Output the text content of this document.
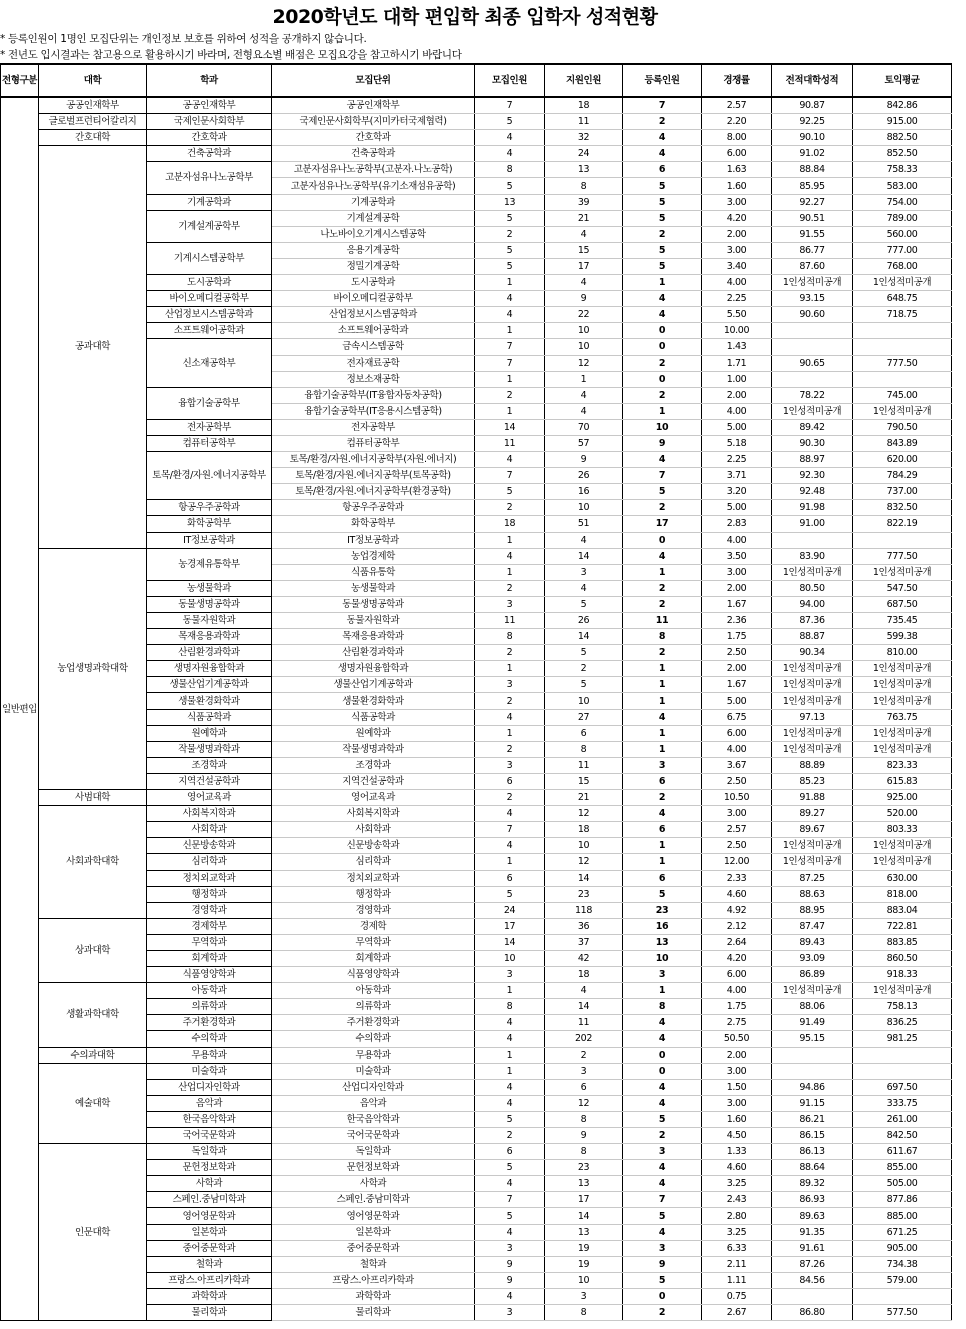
2020학년도 대학 편입학 최종 입학자 성적현황
* 등록인원이 1명인 모집단위는 개인정보 보호를 위하여 성적을 공개하지 않습니다.
* 전년도 입시결과는 참고용으로 활용하시기 바라며, 전형요소별 배점은 모집요강을 참고하시기 바랍니다
전형구분	대학	학과	모집단위	모집인원	지원인원	등록인원	경쟁률	전적대학성적	토익평균
일반편입	공공인재학부	공공인재학부	공공인재학부	7	18	7	2.57	90.87	842.86
	글로벌프런티어칼리지	국제인문사회학부	국제인문사회학부(지미카터국제협력)	5	11	2	2.20	92.25	915.00
	간호대학	간호학과	간호학과	4	32	4	8.00	90.10	882.50
	공과대학	건축공학과	건축공학과	4	24	4	6.00	91.02	852.50
		고분자섬유나노공학부	고분자섬유나노공학부(고분자.나노공학)	8	13	6	1.63	88.84	758.33
			고분자섬유나노공학부(유기소재섬유공학)	5	8	5	1.60	85.95	583.00
		기계공학과	기계공학과	13	39	5	3.00	92.27	754.00
		기계설계공학부	기계설계공학	5	21	5	4.20	90.51	789.00
			나노바이오기계시스템공학	2	4	2	2.00	91.55	560.00
		기계시스템공학부	응용기계공학	5	15	5	3.00	86.77	777.00
			정밀기계공학	5	17	5	3.40	87.60	768.00
		도시공학과	도시공학과	1	4	1	4.00	1인성적미공개	1인성적미공개
		바이오메디컬공학부	바이오메디컬공학부	4	9	4	2.25	93.15	648.75
		산업정보시스템공학과	산업정보시스템공학과	4	22	4	5.50	90.60	718.75
		소프트웨어공학과	소프트웨어공학과	1	10	0	10.00		
		신소재공학부	금속시스템공학	7	10	0	1.43		
			전자재료공학	7	12	2	1.71	90.65	777.50
			정보소재공학	1	1	0	1.00		
		융합기술공학부	융합기술공학부(IT융합자동차공학)	2	4	2	2.00	78.22	745.00
			융합기술공학부(IT응용시스템공학)	1	4	1	4.00	1인성적미공개	1인성적미공개
		전자공학부	전자공학부	14	70	10	5.00	89.42	790.50
		컴퓨터공학부	컴퓨터공학부	11	57	9	5.18	90.30	843.89
		토목/환경/자원.에너지공학부	토목/환경/자원.에너지공학부(자원.에너지)	4	9	4	2.25	88.97	620.00
			토목/환경/자원.에너지공학부(토목공학)	7	26	7	3.71	92.30	784.29
			토목/환경/자원.에너지공학부(환경공학)	5	16	5	3.20	92.48	737.00
		항공우주공학과	항공우주공학과	2	10	2	5.00	91.98	832.50
		화학공학부	화학공학부	18	51	17	2.83	91.00	822.19
		IT정보공학과	IT정보공학과	1	4	0	4.00		
	농업생명과학대학	농경제유통학부	농업경제학	4	14	4	3.50	83.90	777.50
			식품유통학	1	3	1	3.00	1인성적미공개	1인성적미공개
		농생물학과	농생물학과	2	4	2	2.00	80.50	547.50
		동물생명공학과	동물생명공학과	3	5	2	1.67	94.00	687.50
		동물자원학과	동물자원학과	11	26	11	2.36	87.36	735.45
		목재응용과학과	목재응용과학과	8	14	8	1.75	88.87	599.38
		산림환경과학과	산림환경과학과	2	5	2	2.50	90.34	810.00
		생명자원융합학과	생명자원융합학과	1	2	1	2.00	1인성적미공개	1인성적미공개
		생물산업기계공학과	생물산업기계공학과	3	5	1	1.67	1인성적미공개	1인성적미공개
		생물환경화학과	생물환경화학과	2	10	1	5.00	1인성적미공개	1인성적미공개
		식품공학과	식품공학과	4	27	4	6.75	97.13	763.75
		원예학과	원예학과	1	6	1	6.00	1인성적미공개	1인성적미공개
		작물생명과학과	작물생명과학과	2	8	1	4.00	1인성적미공개	1인성적미공개
		조경학과	조경학과	3	11	3	3.67	88.89	823.33
		지역건설공학과	지역건설공학과	6	15	6	2.50	85.23	615.83
	사범대학	영어교육과	영어교육과	2	21	2	10.50	91.88	925.00
	사회과학대학	사회복지학과	사회복지학과	4	12	4	3.00	89.27	520.00
		사회학과	사회학과	7	18	6	2.57	89.67	803.33
		신문방송학과	신문방송학과	4	10	1	2.50	1인성적미공개	1인성적미공개
		심리학과	심리학과	1	12	1	12.00	1인성적미공개	1인성적미공개
		정치외교학과	정치외교학과	6	14	6	2.33	87.25	630.00
		행정학과	행정학과	5	23	5	4.60	88.63	818.00
		경영학과	경영학과	24	118	23	4.92	88.95	883.04
	상과대학	경제학부	경제학	17	36	16	2.12	87.47	722.81
		무역학과	무역학과	14	37	13	2.64	89.43	883.85
		회계학과	회계학과	10	42	10	4.20	93.09	860.50
		식품영양학과	식품영양학과	3	18	3	6.00	86.89	918.33
	생활과학대학	아동학과	아동학과	1	4	1	4.00	1인성적미공개	1인성적미공개
		의류학과	의류학과	8	14	8	1.75	88.06	758.13
		주거환경학과	주거환경학과	4	11	4	2.75	91.49	836.25
		수의학과	수의학과	4	202	4	50.50	95.15	981.25
	수의과대학	무용학과	무용학과	1	2	0	2.00		
	예술대학	미술학과	미술학과	1	3	0	3.00		
		산업디자인학과	산업디자인학과	4	6	4	1.50	94.86	697.50
		음악과	음악과	4	12	4	3.00	91.15	333.75
		한국음악학과	한국음악학과	5	8	5	1.60	86.21	261.00
		국어국문학과	국어국문학과	2	9	2	4.50	86.15	842.50
	인문대학	독일학과	독일학과	6	8	3	1.33	86.13	611.67
		문헌정보학과	문헌정보학과	5	23	4	4.60	88.64	855.00
		사학과	사학과	4	13	4	3.25	89.32	505.00
		스페인.중남미학과	스페인.중남미학과	7	17	7	2.43	86.93	877.86
		영어영문학과	영어영문학과	5	14	5	2.80	89.63	885.00
		일본학과	일본학과	4	13	4	3.25	91.35	671.25
		중어중문학과	중어중문학과	3	19	3	6.33	91.61	905.00
		철학과	철학과	9	19	9	2.11	87.26	734.38
		프랑스.아프리카학과	프랑스.아프리카학과	9	10	5	1.11	84.56	579.00
		과학학과	과학학과	4	3	0	0.75		
		물리학과	물리학과	3	8	2	2.67	86.80	577.50
